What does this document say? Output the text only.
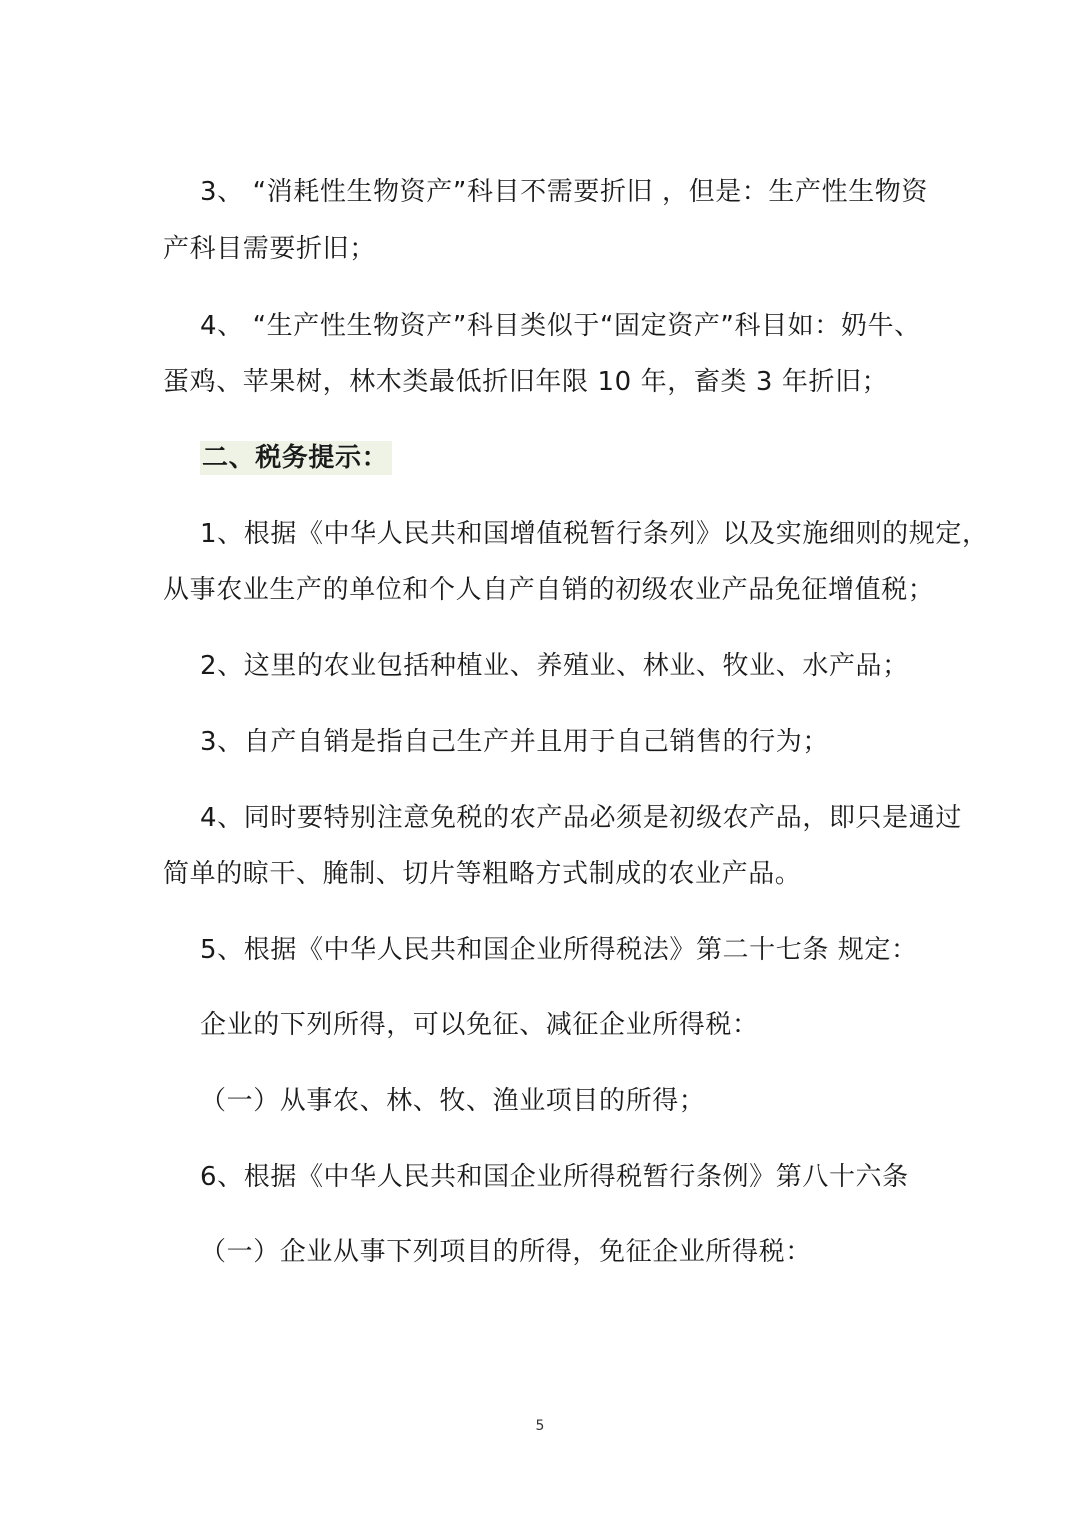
3、 “消耗性生物资产”科目不需要折旧 ，但是：生产性生物资
产科目需要折旧；
4、 “生产性生物资产”科目类似于“固定资产”科目如：奶牛、
蛋鸡、苹果树，林木类最低折旧年限 10 年，畜类 3 年折旧；
二、税务提示：
1、根据《中华人民共和国增值税暂行条列》以及实施细则的规定，
从事农业生产的单位和个人自产自销的初级农业产品免征增值税；
2、这里的农业包括种植业、养殖业、林业、牧业、水产品；
3、自产自销是指自己生产并且用于自己销售的行为；
4、同时要特别注意免税的农产品必须是初级农产品，即只是通过
简单的晾干、腌制、切片等粗略方式制成的农业产品。
5、根据《中华人民共和国企业所得税法》第二十七条 规定：
企业的下列所得，可以免征、减征企业所得税：
（一）从事农、林、牧、渔业项目的所得；
6、根据《中华人民共和国企业所得税暂行条例》第八十六条
（一）企业从事下列项目的所得，免征企业所得税：
5
